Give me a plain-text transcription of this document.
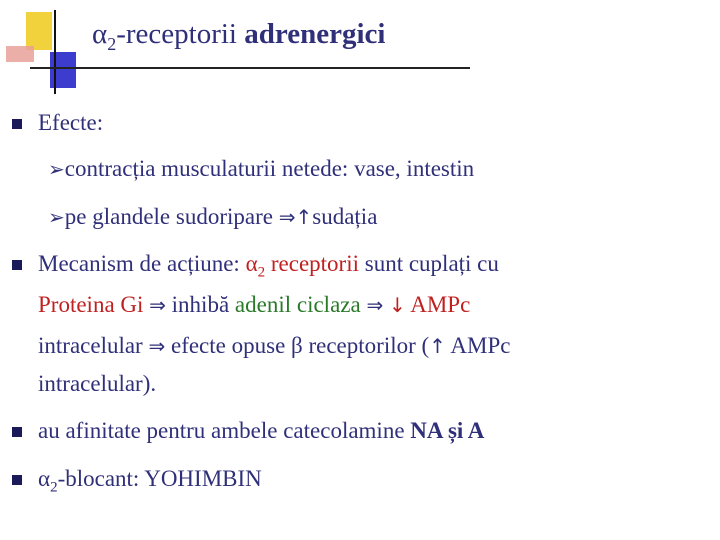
$\alpha_2$-receptorii adrenergici
Efecte:
➢contracția musculaturii netede: vase, intestin
➢pe glandele sudoripare ⇒↑sudația
Mecanism de acțiune: $\alpha_2$ receptorii sunt cuplați cu
Proteina Gi ⇒ inhibă adenil ciclaza ⇒ ↓ AMPc
intracelular ⇒ efecte opuse β receptorilor (↑ AMPc
intracelular).
au afinitate pentru ambele catecolamine NA și A
$\alpha_2$-blocant: YOHIMBIN
